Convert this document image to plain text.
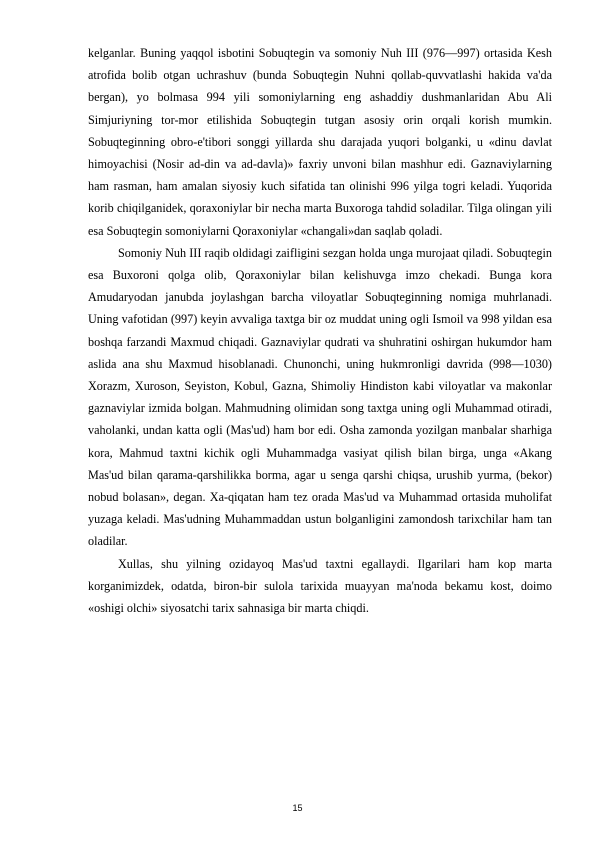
kelganlar. Buning yaqqol isbotini Sobuqtegin va somoniy Nuh III (976—997) ortasida Kesh atrofida bolib otgan uchrashuv (bunda Sobuqtegin Nuhni qollab-quvvatlashi hakida va'da bergan), yo bolmasa 994 yili somoniylarning eng ashaddiy dushmanlaridan Abu Ali Simjuriyning tor-mor etilishida Sobuqtegin tutgan asosiy orin orqali korish mumkin. Sobuqteginning obro-e'tibori songgi yillarda shu darajada yuqori bolganki, u «dinu davlat himoyachisi (Nosir ad-din va ad-davla)» faxriy unvoni bilan mashhur edi. Gaznaviylarning ham rasman, ham amalan siyosiy kuch sifatida tan olinishi 996 yilga togri keladi. Yuqorida korib chiqilganidek, qoraxoniylar bir necha marta Buxoroga tahdid soladilar. Tilga olingan yili esa Sobuqtegin somoniylarni Qoraxoniylar «changali»dan saqlab qoladi.

Somoniy Nuh III raqib oldidagi zaifligini sezgan holda unga murojaat qiladi. Sobuqtegin esa Buxoroni qolga olib, Qoraxoniylar bilan kelishuvga imzo chekadi. Bunga kora Amudaryodan janubda joylashgan barcha viloyatlar Sobuqteginning nomiga muhrlanadi. Uning vafotidan (997) keyin avvaliga taxtga bir oz muddat uning ogli Ismoil va 998 yildan esa boshqa farzandi Maxmud chiqadi. Gaznaviylar qudrati va shuhratini oshirgan hukumdor ham aslida ana shu Maxmud hisoblanadi. Chunonchi, uning hukmronligi davrida (998—1030) Xorazm, Xuroson, Seyiston, Kobul, Gazna, Shimoliy Hindiston kabi viloyatlar va makonlar gaznaviylar izmida bolgan. Mahmudning olimidan song taxtga uning ogli Muhammad otiradi, vaholanki, undan katta ogli (Mas'ud) ham bor edi. Osha zamonda yozilgan manbalar sharhiga kora, Mahmud taxtni kichik ogli Muhammadga vasiyat qilish bilan birga, unga «Akang Mas'ud bilan qarama-qarshilikka borma, agar u senga qarshi chiqsa, urushib yurma, (bekor) nobud bolasan», degan. Xa-qiqatan ham tez orada Mas'ud va Muhammad ortasida muholifat yuzaga keladi. Mas'udning Muhammaddan ustun bolganligini zamondosh tarixchilar ham tan oladilar.

Xullas, shu yilning ozidayoq Mas'ud taxtni egallaydi. Ilgarilari ham kop marta korganimizdek, odatda, biron-bir sulola tarixida muayyan ma'noda bekamu kost, doimo «oshigi olchi» siyosatchi tarix sahnasiga bir marta chiqdi.

15
